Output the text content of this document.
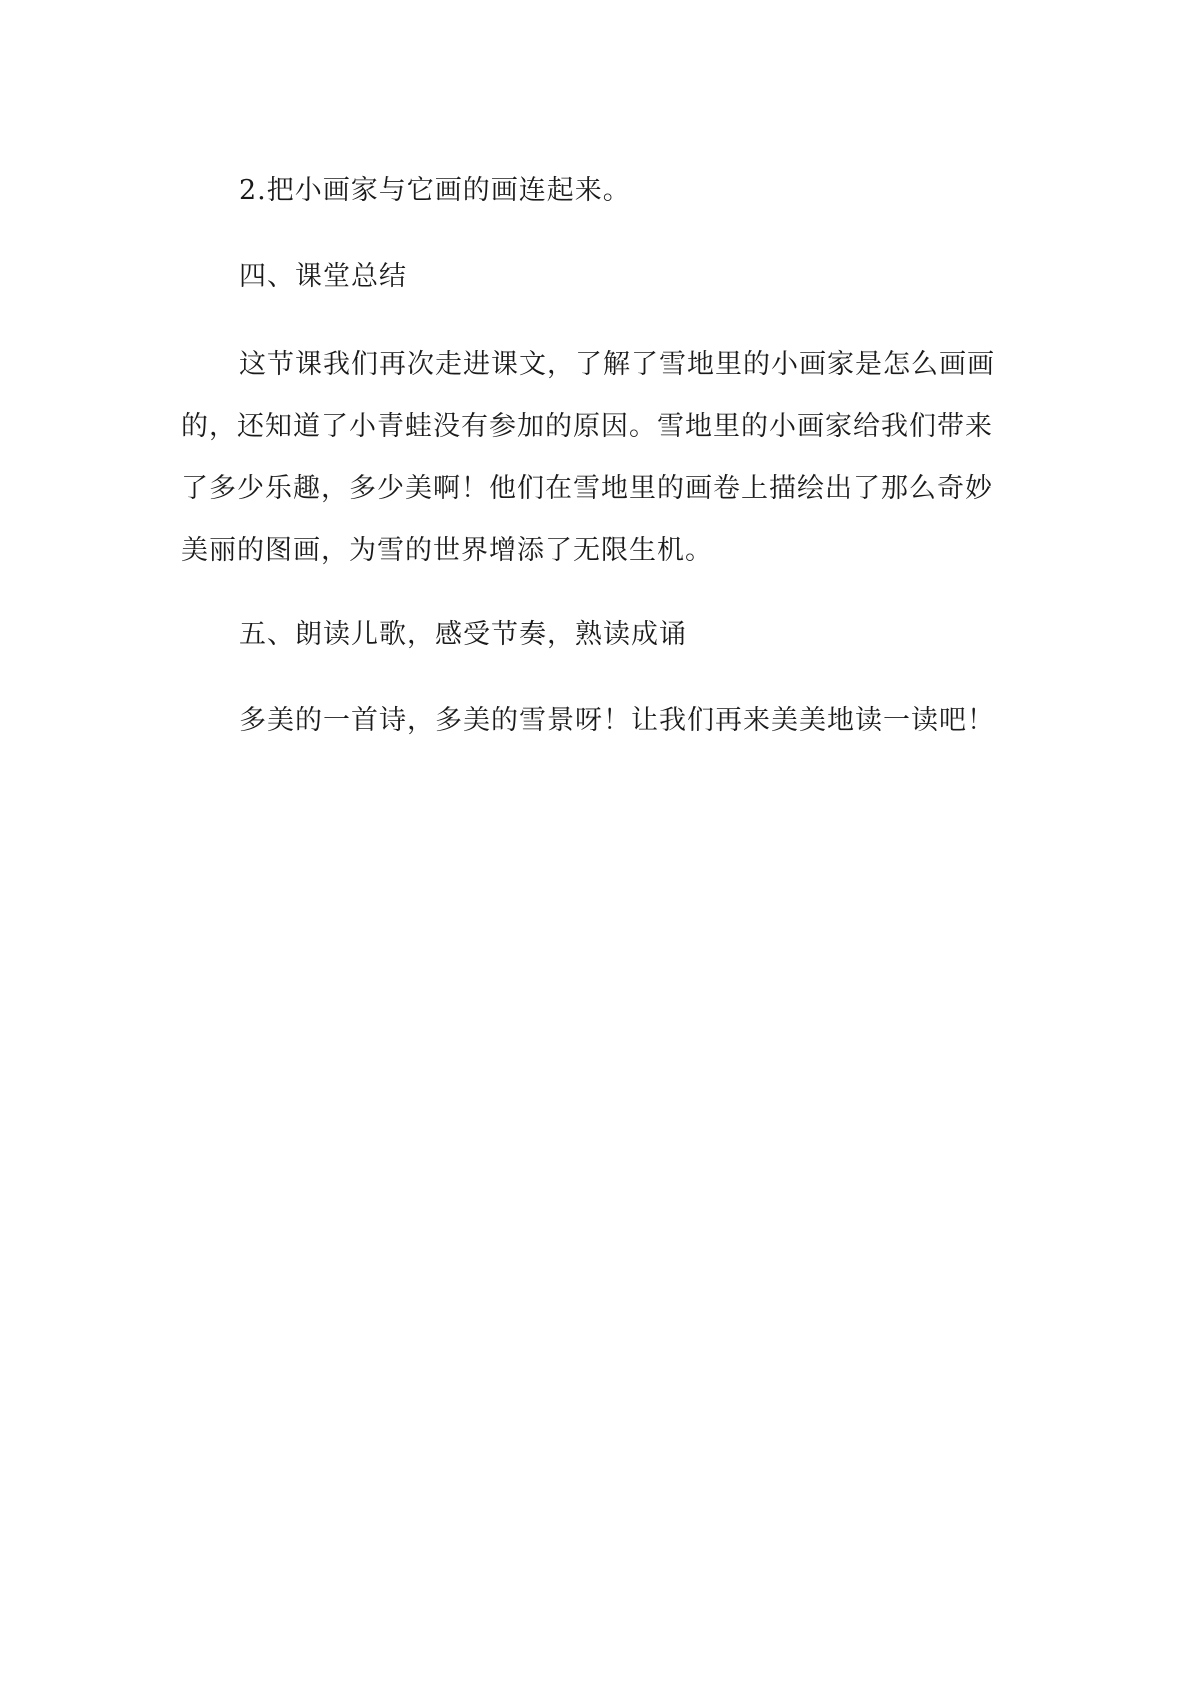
2.把小画家与它画的画连起来。

四、课堂总结

这节课我们再次走进课文，了解了雪地里的小画家是怎么画画的，还知道了小青蛙没有参加的原因。雪地里的小画家给我们带来了多少乐趣，多少美啊！他们在雪地里的画卷上描绘出了那么奇妙美丽的图画，为雪的世界增添了无限生机。

五、朗读儿歌，感受节奏，熟读成诵

多美的一首诗，多美的雪景呀！让我们再来美美地读一读吧！
